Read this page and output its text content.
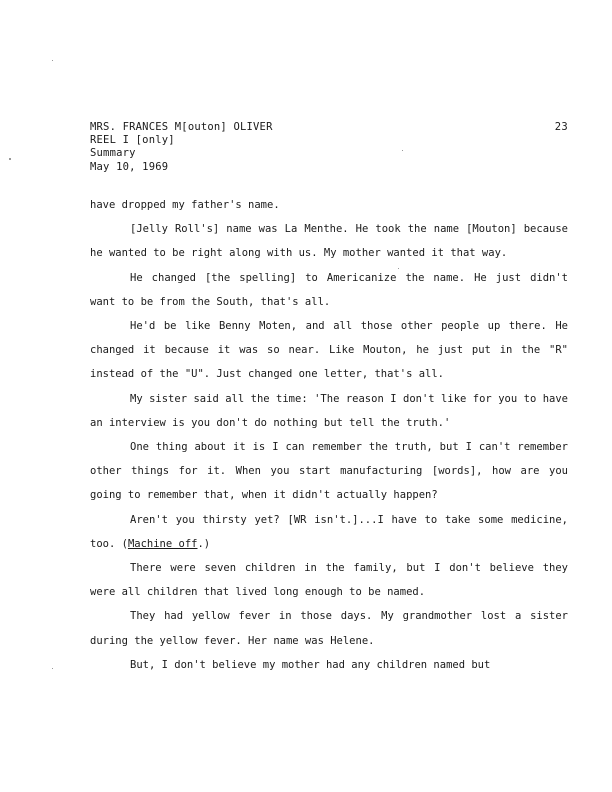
MRS. FRANCES M[outon] OLIVER
REEL I [only]
Summary
May 10, 1969
23

have dropped my father's name.

[Jelly Roll's] name was La Menthe. He took the name [Mouton] because he wanted to be right along with us. My mother wanted it that way.

He changed [the spelling] to Americanize the name. He just didn't want to be from the South, that's all.

He'd be like Benny Moten, and all those other people up there. He changed it because it was so near. Like Mouton, he just put in the "R" instead of the "U". Just changed one letter, that's all.

My sister said all the time: 'The reason I don't like for you to have an interview is you don't do nothing but tell the truth.'

One thing about it is I can remember the truth, but I can't remember other things for it. When you start manufacturing [words], how are you going to remember that, when it didn't actually happen?

Aren't you thirsty yet? [WR isn't.]...I have to take some medicine, too. (Machine off.)

There were seven children in the family, but I don't believe they were all children that lived long enough to be named.

They had yellow fever in those days. My grandmother lost a sister during the yellow fever. Her name was Helene.

But, I don't believe my mother had any children named but
